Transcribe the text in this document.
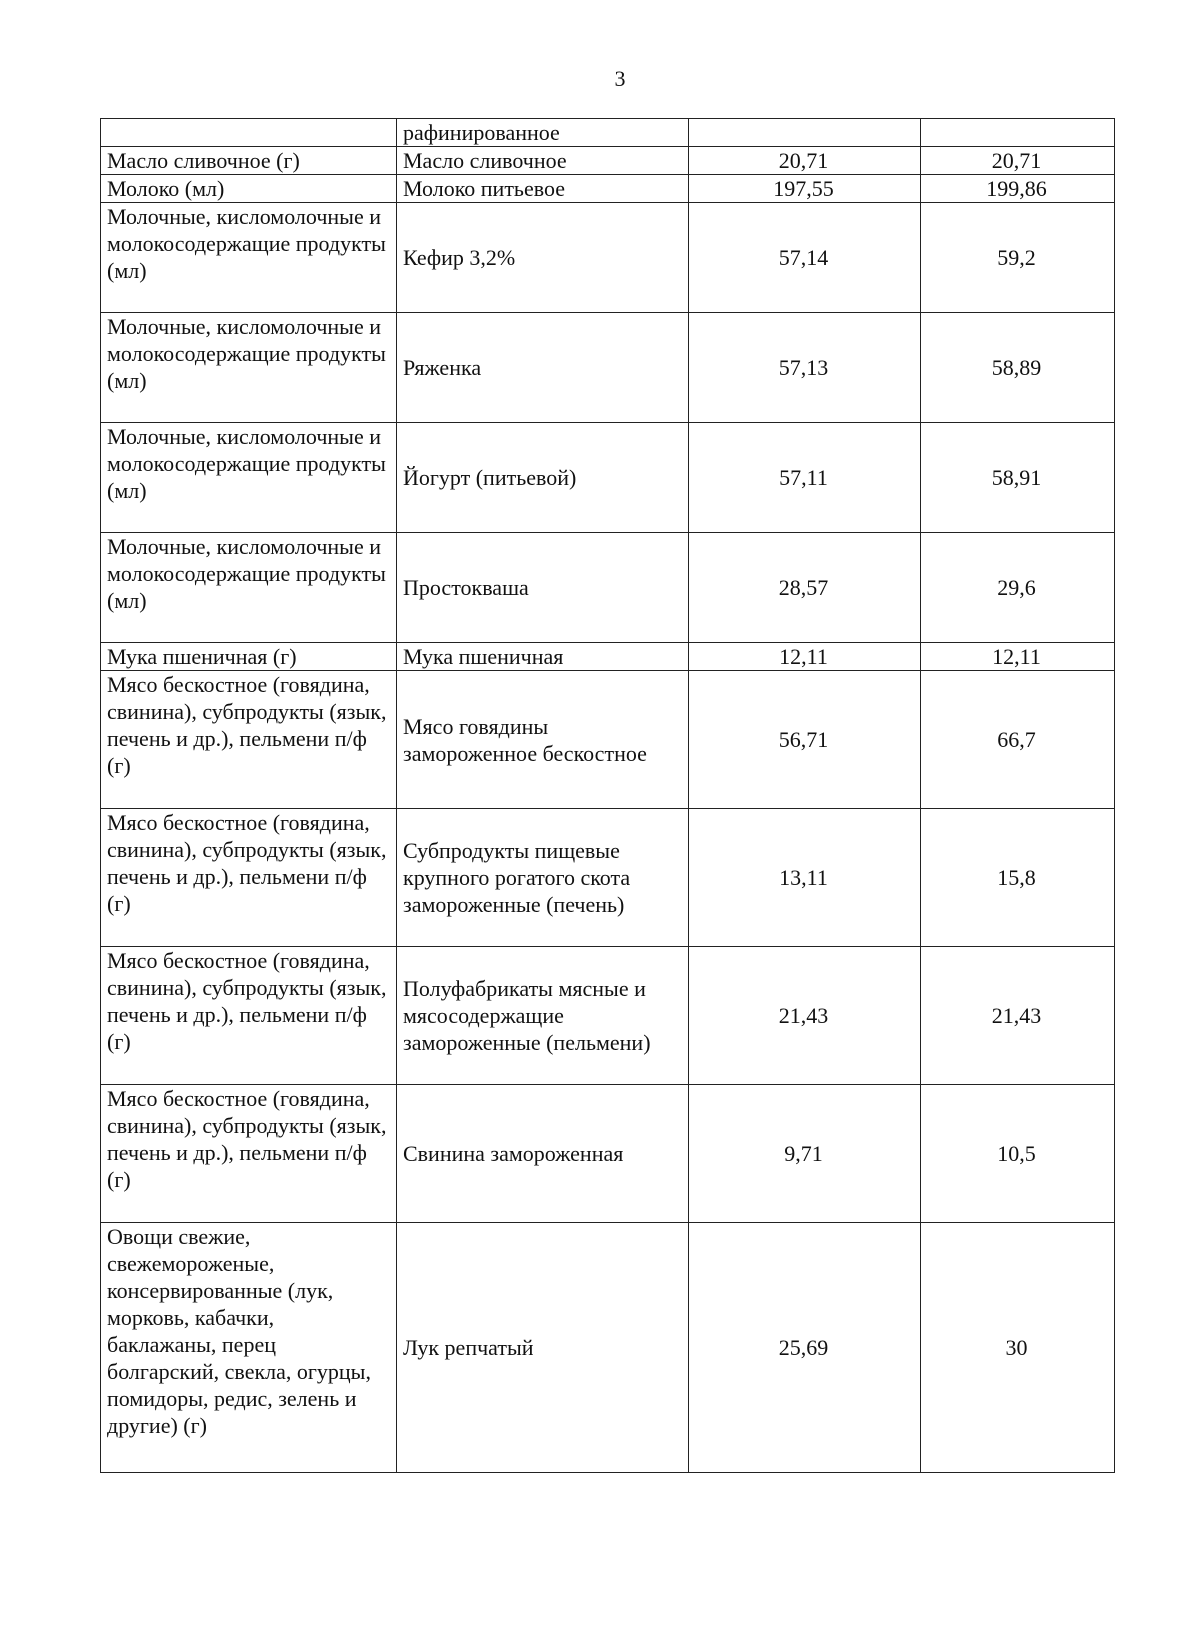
3
	рафинированное		
Масло сливочное (г)	Масло сливочное	20,71	20,71
Молоко (мл)	Молоко питьевое	197,55	199,86
Молочные, кисломолочные и молокосодержащие продукты (мл)	Кефир 3,2%	57,14	59,2
Молочные, кисломолочные и молокосодержащие продукты (мл)	Ряженка	57,13	58,89
Молочные, кисломолочные и молокосодержащие продукты (мл)	Йогурт (питьевой)	57,11	58,91
Молочные, кисломолочные и молокосодержащие продукты (мл)	Простокваша	28,57	29,6
Мука пшеничная (г)	Мука пшеничная	12,11	12,11
Мясо бескостное (говядина, свинина), субпродукты (язык, печень и др.), пельмени п/ф (г)	Мясо говядины замороженное бескостное	56,71	66,7
Мясо бескостное (говядина, свинина), субпродукты (язык, печень и др.), пельмени п/ф (г)	Субпродукты пищевые крупного рогатого скота замороженные (печень)	13,11	15,8
Мясо бескостное (говядина, свинина), субпродукты (язык, печень и др.), пельмени п/ф (г)	Полуфабрикаты мясные и мясосодержащие замороженные (пельмени)	21,43	21,43
Мясо бескостное (говядина, свинина), субпродукты (язык, печень и др.), пельмени п/ф (г)	Свинина замороженная	9,71	10,5
Овощи свежие, свежемороженые, консервированные (лук, морковь, кабачки, баклажаны, перец болгарский, свекла, огурцы, помидоры, редис, зелень и другие) (г)	Лук репчатый	25,69	30
